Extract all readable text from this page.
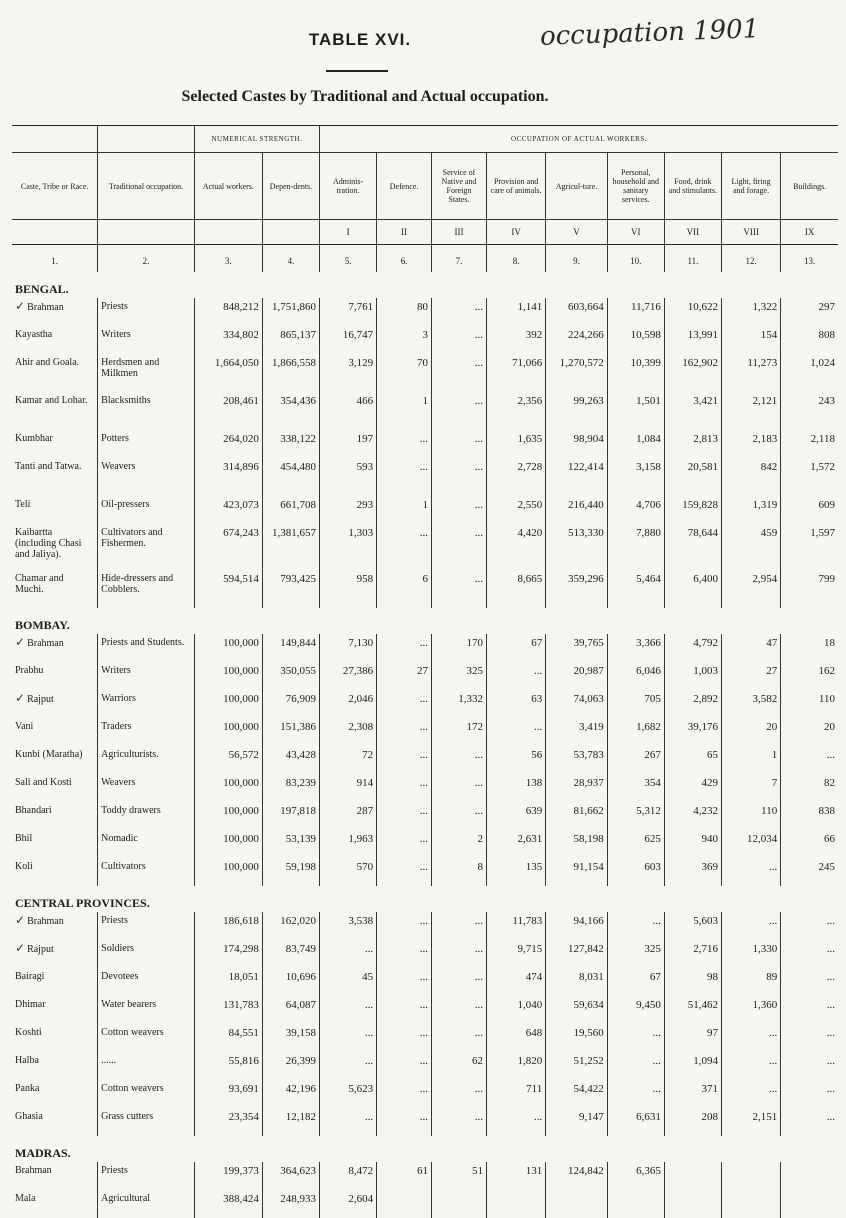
TABLE XVI.	occupation 1901
Selected Castes by Traditional and Actual occupation.
		NUMERICAL STRENGTH.		OCCUPATION OF ACTUAL WORKERS.								
Caste, Tribe or Race.	Traditional occupation.	Actual workers.	Depen-dents.	Adminis-tration.	Defence.	Service of Native and Foreign States.	Provision and care of animals.	Agricul-ture.	Personal, household and sanitary services.	Food, drink and stimulants.	Light, firing and forage.	Buildings.
				I	II	III	IV	V	VI	VII	VIII	IX
1.	2.	3.	4.	5.	6.	7.	8.	9.	10.	11.	12.	13.
BENGAL.												
✓ Brahman	Priests	848,212	1,751,860	7,761	80	...	1,141	603,664	11,716	10,622	1,322	297
Kayastha	Writers	334,802	865,137	16,747	3	...	392	224,266	10,598	13,991	154	808
Ahir and Goala.	Herdsmen and Milkmen	1,664,050	1,866,558	3,129	70	...	71,066	1,270,572	10,399	162,902	11,273	1,024
Kamar and Lohar.	Blacksmiths	208,461	354,436	466	1	...	2,356	99,263	1,501	3,421	2,121	243
Kumbhar	Potters	264,020	338,122	197	...	...	1,635	98,904	1,084	2,813	2,183	2,118
Tanti and Tatwa.	Weavers	314,896	454,480	593	...	...	2,728	122,414	3,158	20,581	842	1,572
Teli	Oil-pressers	423,073	661,708	293	1	...	2,550	216,440	4,706	159,828	1,319	609
Kaibartta (including Chasi and Jaliya).	Cultivators and Fishermen.	674,243	1,381,657	1,303	...	...	4,420	513,330	7,880	78,644	459	1,597
Chamar and Muchi.	Hide-dressers and Cobblers.	594,514	793,425	958	6	...	8,665	359,296	5,464	6,400	2,954	799
BOMBAY.												
✓ Brahman	Priests and Students.	100,000	149,844	7,130	...	170	67	39,765	3,366	4,792	47	18
Prabhu	Writers	100,000	350,055	27,386	27	325	...	20,987	6,046	1,003	27	162
✓ Rajput	Warriors	100,000	76,909	2,046	...	1,332	63	74,063	705	2,892	3,582	110
Vani	Traders	100,000	151,386	2,308	...	172	...	3,419	1,682	39,176	20	20
Kunbi (Maratha)	Agriculturists.	56,572	43,428	72	...	...	56	53,783	267	65	1	...
Sali and Kosti	Weavers	100,000	83,239	914	...	...	138	28,937	354	429	7	82
Bhandari	Toddy drawers	100,000	197,818	287	...	...	639	81,662	5,312	4,232	110	838
Bhil	Nomadic	100,000	53,139	1,963	...	2	2,631	58,198	625	940	12,034	66
Koli	Cultivators	100,000	59,198	570	...	8	135	91,154	603	369	...	245
CENTRAL PROVINCES.												
✓ Brahman	Priests	186,618	162,020	3,538	...	...	11,783	94,166	...	5,603	...	...
✓ Rajput	Soldiers	174,298	83,749	...	...	...	9,715	127,842	325	2,716	1,330	...
Bairagi	Devotees	18,051	10,696	45	...	...	474	8,031	67	98	89	...
Dhimar	Water bearers	131,783	64,087	...	...	...	1,040	59,634	9,450	51,462	1,360	...
Koshti	Cotton weavers	84,551	39,158	...	...	...	648	19,560	...	97	...	...
Halba	......	55,816	26,399	...	...	62	1,820	51,252	...	1,094	...	...
Panka	Cotton weavers	93,691	42,196	5,623	...	...	711	54,422	...	371	...	...
Ghasia	Grass cutters	23,354	12,182	...	...	...	...	9,147	6,631	208	2,151	...
MADRAS.												
Brahman	Priests	199,373	364,623	8,472	61	51	131	124,842	6,365			
Mala	Agricultural	388,424	248,933	2,604								
